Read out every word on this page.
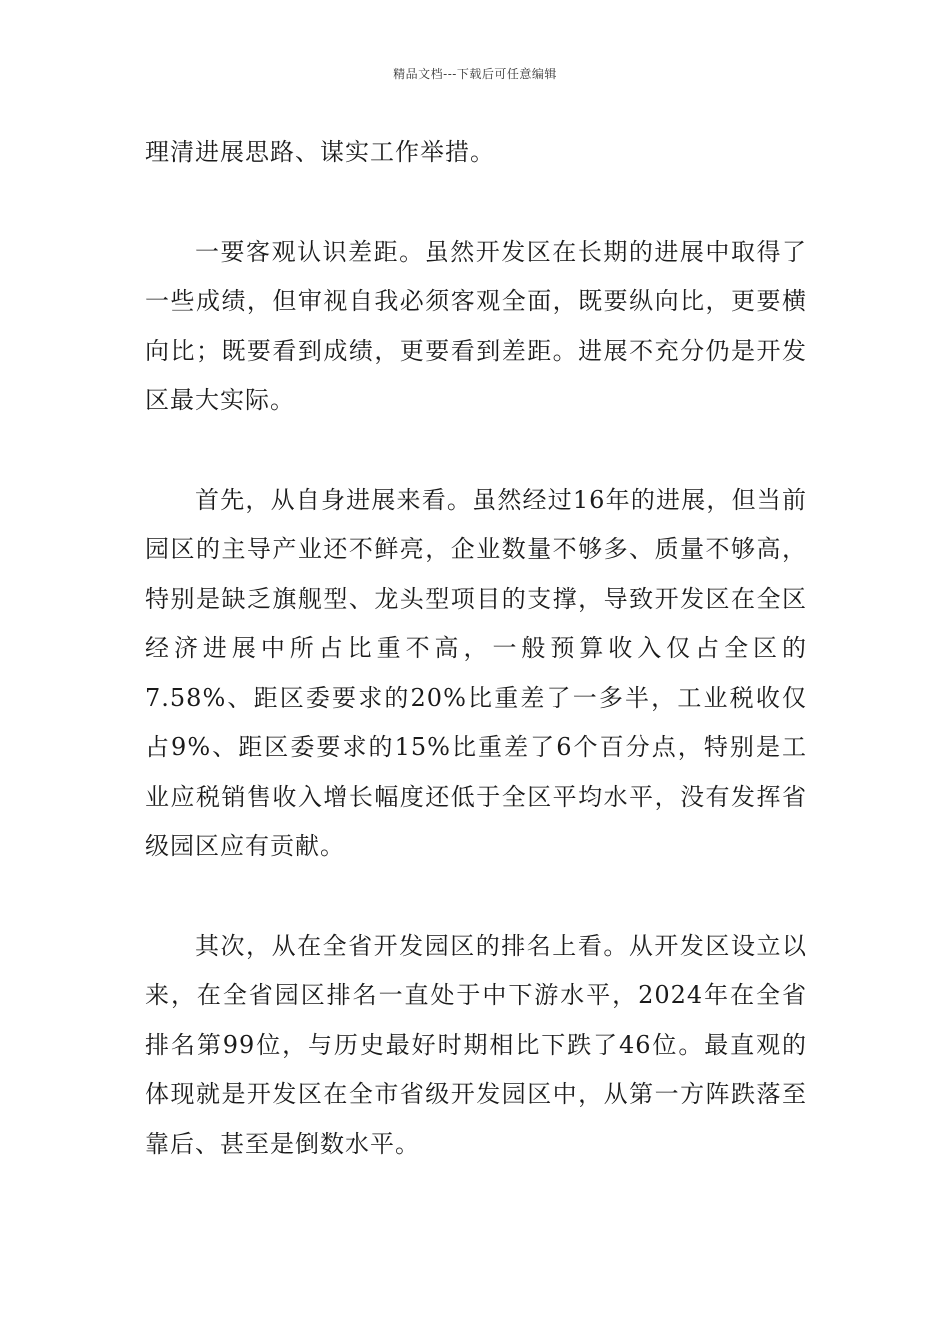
精品文档---下载后可任意编辑

理清进展思路、谋实工作举措。

一要客观认识差距。虽然开发区在长期的进展中取得了一些成绩，但审视自我必须客观全面，既要纵向比，更要横向比；既要看到成绩，更要看到差距。进展不充分仍是开发区最大实际。

首先，从自身进展来看。虽然经过16年的进展，但当前园区的主导产业还不鲜亮，企业数量不够多、质量不够高，特别是缺乏旗舰型、龙头型项目的支撑，导致开发区在全区经济进展中所占比重不高，一般预算收入仅占全区的7.58%、距区委要求的20%比重差了一多半，工业税收仅占9%、距区委要求的15%比重差了6个百分点，特别是工业应税销售收入增长幅度还低于全区平均水平，没有发挥省级园区应有贡献。

其次，从在全省开发园区的排名上看。从开发区设立以来，在全省园区排名一直处于中下游水平，2024年在全省排名第99位，与历史最好时期相比下跌了46位。最直观的体现就是开发区在全市省级开发园区中，从第一方阵跌落至靠后、甚至是倒数水平。
